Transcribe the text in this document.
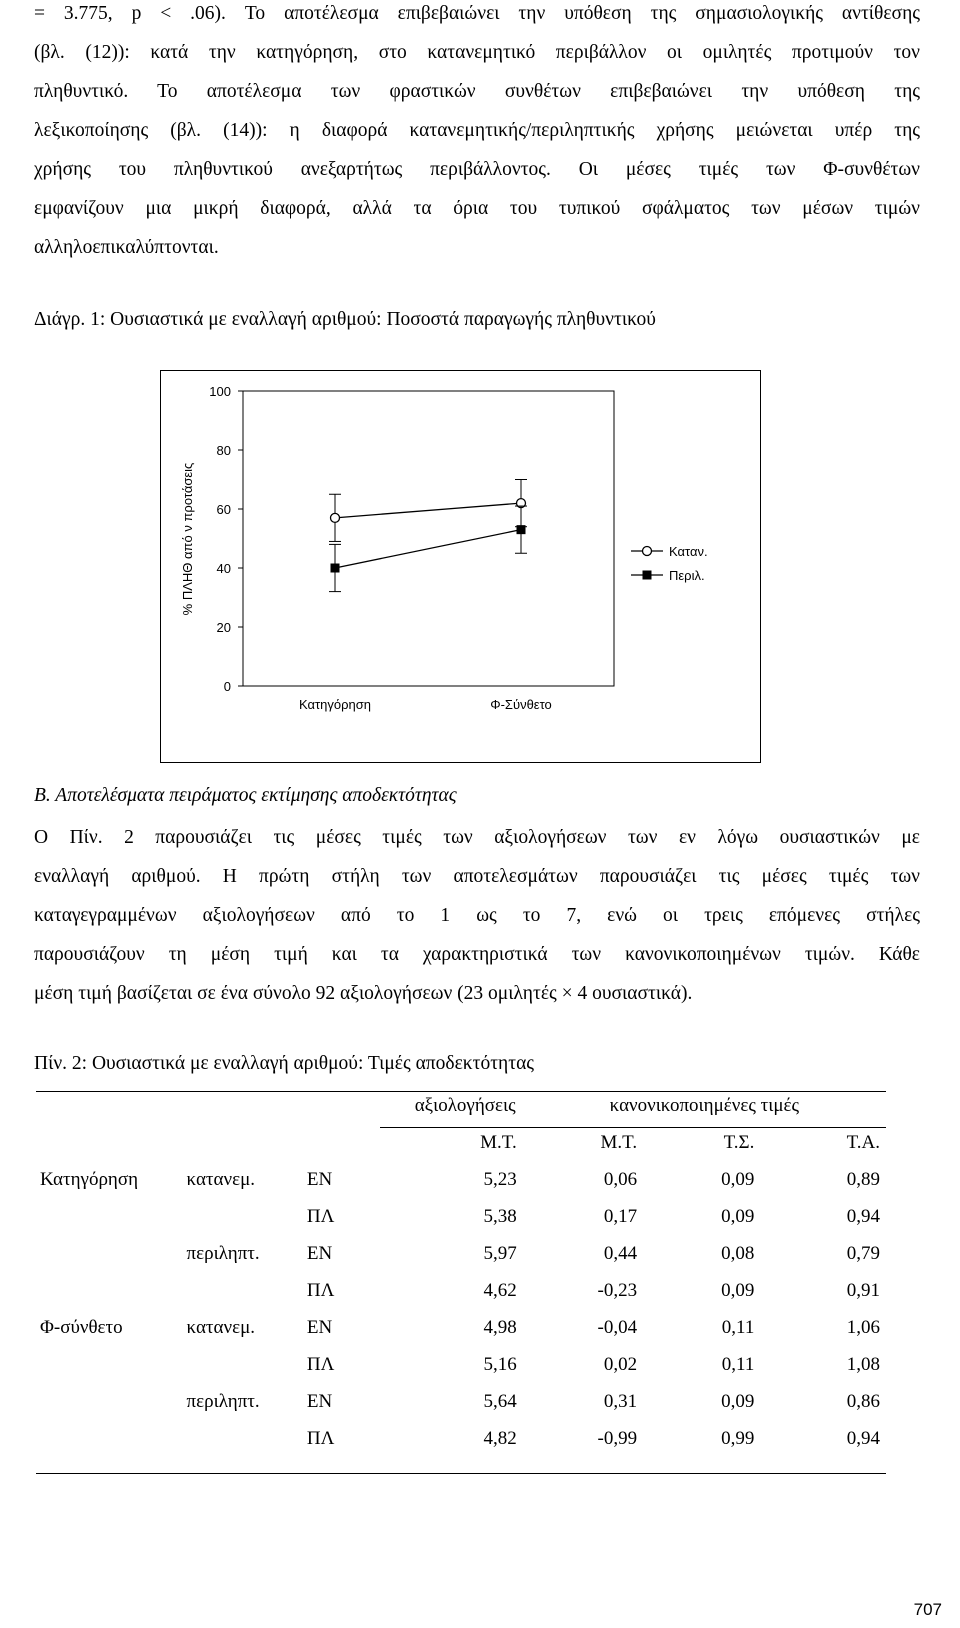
= 3.775, p < .06). Το αποτέλεσμα επιβεβαιώνει την υπόθεση της σημασιολογικής αντίθεσης
(βλ. (12)): κατά την κατηγόρηση, στο κατανεμητικό περιβάλλον οι ομιλητές προτιμούν τον
πληθυντικό. Το αποτέλεσμα των φραστικών συνθέτων επιβεβαιώνει την υπόθεση της
λεξικοποίησης (βλ. (14)): η διαφορά κατανεμητικής/περιληπτικής χρήσης μειώνεται υπέρ της
χρήσης του πληθυντικού ανεξαρτήτως περιβάλλοντος. Οι μέσες τιμές των Φ-συνθέτων
εμφανίζουν μια μικρή διαφορά, αλλά τα όρια του τυπικού σφάλματος των μέσων τιμών
αλληλοεπικαλύπτονται.

Διάγρ. 1: Ουσιαστικά με εναλλαγή αριθμού: Ποσοστά παραγωγής πληθυντικού

0
20
40
60
80
100
% ΠΛΗΘ από ν προτάσεις
Κατηγόρηση	Φ-Σύνθετο
Καταν.
Περιλ.

Β. Αποτελέσματα πειράματος εκτίμησης αποδεκτότητας

Ο Πίν. 2 παρουσιάζει τις μέσες τιμές των αξιολογήσεων των εν λόγω ουσιαστικών με
εναλλαγή αριθμού. Η πρώτη στήλη των αποτελεσμάτων παρουσιάζει τις μέσες τιμές των
καταγεγραμμένων αξιολογήσεων από το 1 ως το 7, ενώ οι τρεις επόμενες στήλες
παρουσιάζουν τη μέση τιμή και τα χαρακτηριστικά των κανονικοποιημένων τιμών. Κάθε
μέση τιμή βασίζεται σε ένα σύνολο 92 αξιολογήσεων (23 ομιλητές × 4 ουσιαστικά).

Πίν. 2: Ουσιαστικά με εναλλαγή αριθμού: Τιμές αποδεκτότητας

			αξιολογήσεις	κανονικοποιημένες τιμές		
			Μ.Τ.	Μ.Τ.	Τ.Σ.	Τ.Α.
Κατηγόρηση	κατανεμ.	ΕΝ	5,23	0,06	0,09	0,89
		ΠΛ	5,38	0,17	0,09	0,94
	περιληπτ.	ΕΝ	5,97	0,44	0,08	0,79
		ΠΛ	4,62	-0,23	0,09	0,91
Φ-σύνθετο	κατανεμ.	ΕΝ	4,98	-0,04	0,11	1,06
		ΠΛ	5,16	0,02	0,11	1,08
	περιληπτ.	ΕΝ	5,64	0,31	0,09	0,86
		ΠΛ	4,82	-0,99	0,99	0,94
707
